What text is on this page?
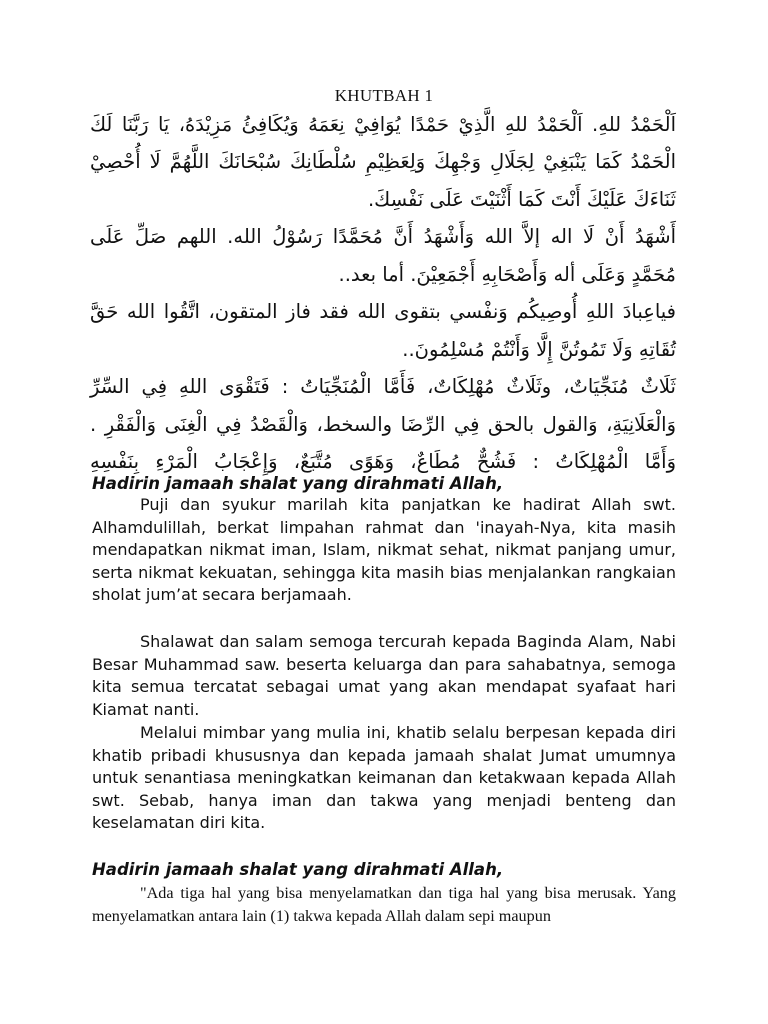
KHUTBAH 1
اَلْحَمْدُ للهِ. اَلْحَمْدُ للهِ الَّذِيْ حَمْدًا يُوَافِيْ نِعَمَهُ وَيُكَافِئُ مَزِيْدَهُ، يَا رَبَّنَا لَكَ
الْحَمْدُ كَمَا يَنْبَغِيْ لِجَلَالِ وَجْهِكَ وَلِعَظِيْمِ سُلْطَانِكَ سُبْحَانَكَ اللَّهُمَّ لَا أُحْصِيْ
ثَنَاءَكَ عَلَيْكَ أَنْتَ كَمَا أَثْنَيْتَ عَلَى نَفْسِكَ.
أَشْهَدُ أَنْ لَا اله إلاَّ الله وَأَشْهَدُ أَنَّ مُحَمَّدًا رَسُوْلُ الله. اللهم صَلِّ عَلَى
مُحَمَّدٍ وَعَلَى أله وَأَصْحَابِهِ أَجْمَعِيْنَ. أما بعد..
فياعِبادَ اللهِ أُوصِيكُم وَنفْسي بتقوى الله فقد فاز المتقون، اتَّقُوا الله حَقَّ
تُقَاتِهِ وَلَا تَمُوتُنَّ إِلَّا وَأَنْتُمْ مُسْلِمُونَ..
ثَلَاثٌ مُنَجِّيَاتٌ، وثَلَاثٌ مُهْلِكَاتٌ، فَأَمَّا الْمُنَجِّيَاتُ : فَتَقْوَى اللهِ فِي السِّرِّ
وَالْعَلَانِيَةِ، وَالقول بالحق فِي الرِّضَا والسخط، وَالْقَصْدُ فِي الْغِنَى وَالْفَقْرِ .
وَأَمَّا الْمُهْلِكَاتُ : فَشُحٌّ مُطَاعٌ، وَهَوًى مُتَّبَعٌ، وَإِعْجَابُ الْمَرْءِ بِنَفْسِهِ
Hadirin jamaah shalat yang dirahmati Allah,

Puji dan syukur marilah kita panjatkan ke hadirat Allah swt. Alhamdulillah, berkat limpahan rahmat dan 'inayah-Nya, kita masih mendapatkan nikmat iman, Islam, nikmat sehat, nikmat panjang umur, serta nikmat kekuatan, sehingga kita masih bias menjalankan rangkaian sholat jum’at secara berjamaah.

Shalawat dan salam semoga tercurah kepada Baginda Alam, Nabi Besar Muhammad saw. beserta keluarga dan para sahabatnya, semoga kita semua tercatat sebagai umat yang akan mendapat syafaat hari Kiamat nanti.

Melalui mimbar yang mulia ini, khatib selalu berpesan kepada diri khatib pribadi khususnya dan kepada jamaah shalat Jumat umumnya untuk senantiasa meningkatkan keimanan dan ketakwaan kepada Allah swt. Sebab, hanya iman dan takwa yang menjadi benteng dan keselamatan diri kita.

Hadirin jamaah shalat yang dirahmati Allah,

"Ada tiga hal yang bisa menyelamatkan dan tiga hal yang bisa merusak. Yang menyelamatkan antara lain (1) takwa kepada Allah dalam sepi maupun
